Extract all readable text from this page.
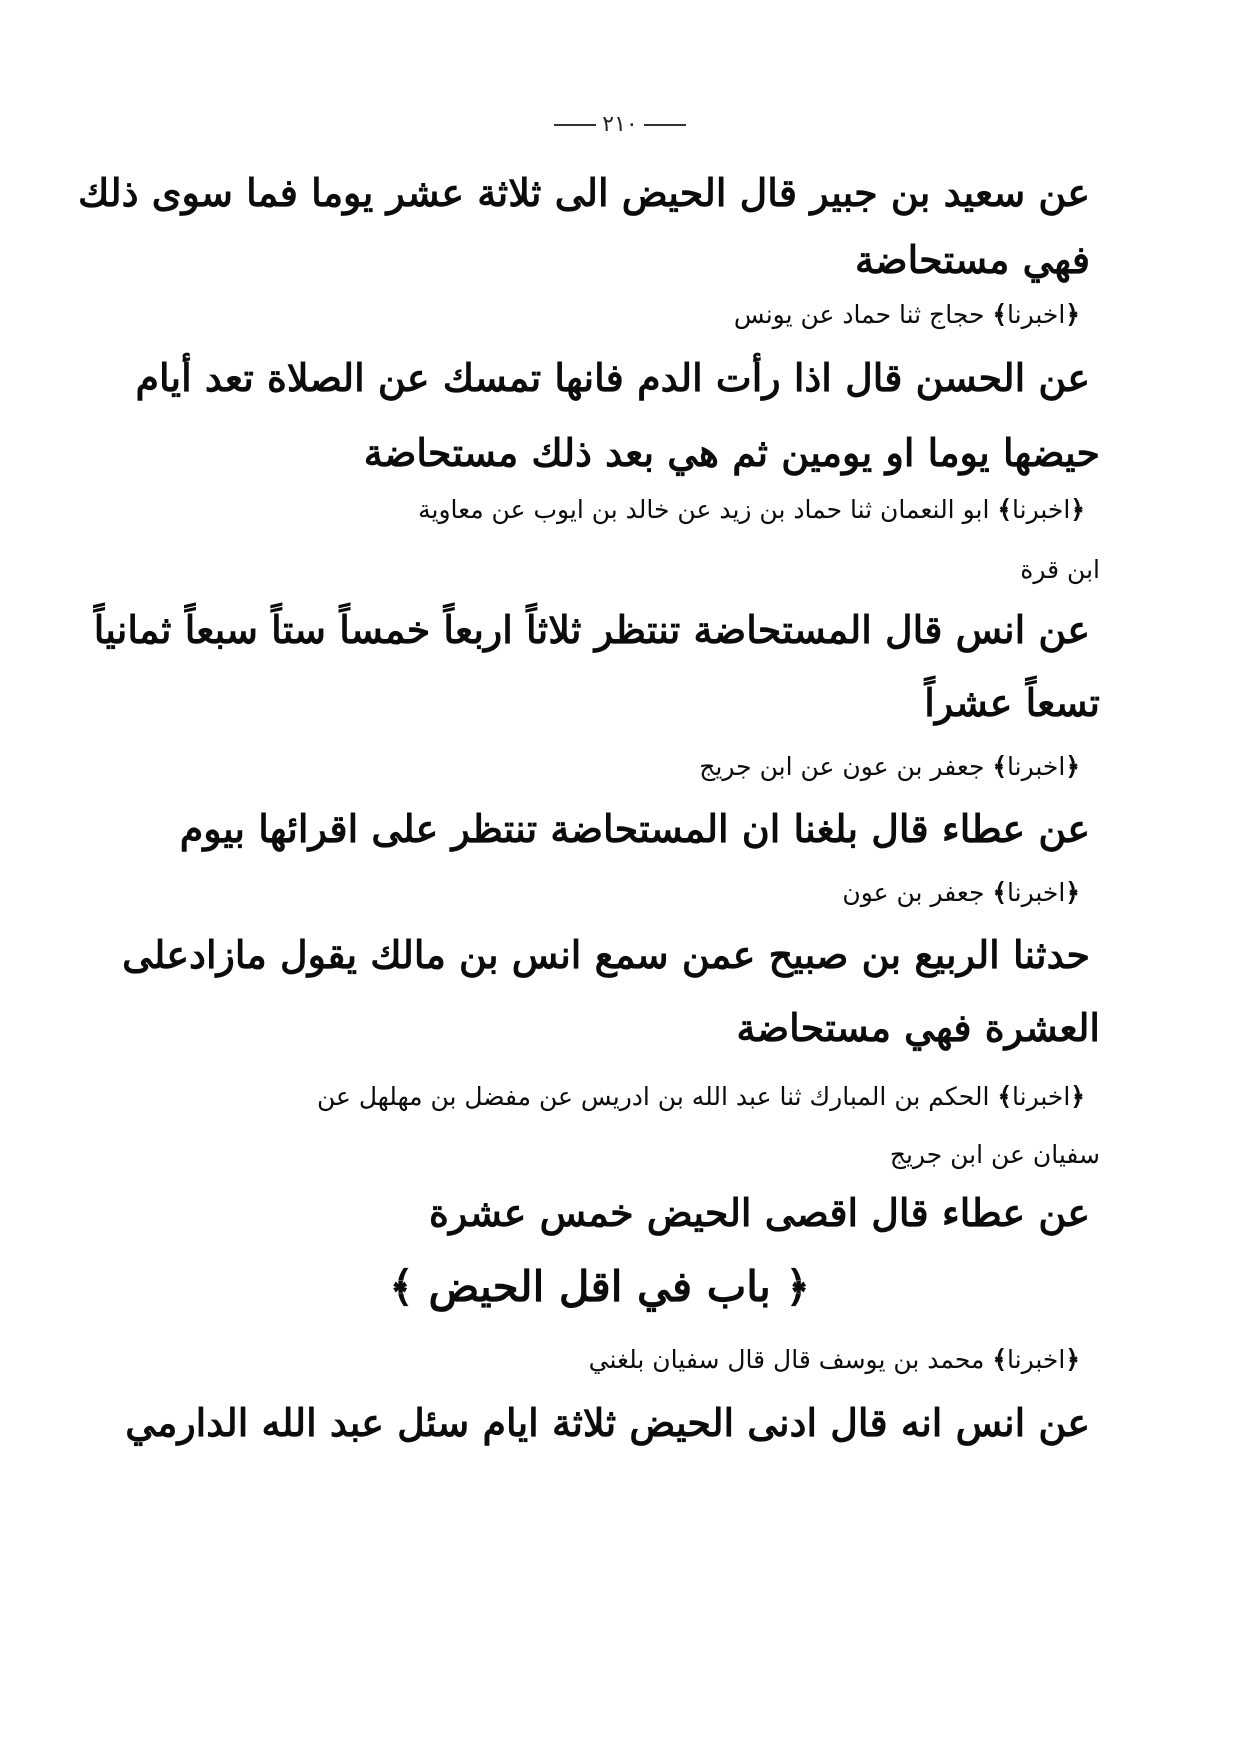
٢١٠
عن سعيد بن جبير قال الحيض الى ثلاثة عشر يوما فما سوى ذلك
فهي مستحاضة
﴿اخبرنا﴾ حجاج ثنا حماد عن يونس
عن الحسن قال اذا رأت الدم فانها تمسك عن الصلاة تعد أيام
حيضها يوما او يومين ثم هي بعد ذلك مستحاضة
﴿اخبرنا﴾ ابو النعمان ثنا حماد بن زيد عن خالد بن ايوب عن معاوية
ابن قرة
عن انس قال المستحاضة تنتظر ثلاثاً اربعاً خمساً ستاً سبعاً ثمانياً
تسعاً عشراً
﴿اخبرنا﴾ جعفر بن عون عن ابن جريج
عن عطاء قال بلغنا ان المستحاضة تنتظر على اقرائها بيوم
﴿اخبرنا﴾ جعفر بن عون
حدثنا الربيع بن صبيح عمن سمع انس بن مالك يقول مازادعلى
العشرة فهي مستحاضة
﴿اخبرنا﴾ الحكم بن المبارك ثنا عبد الله بن ادريس عن مفضل بن مهلهل عن
سفيان عن ابن جريج
عن عطاء قال اقصى الحيض خمس عشرة
﴿ باب في اقل الحيض ﴾
﴿اخبرنا﴾ محمد بن يوسف قال قال سفيان بلغني
عن انس انه قال ادنى الحيض ثلاثة ايام سئل عبد الله الدارمي
